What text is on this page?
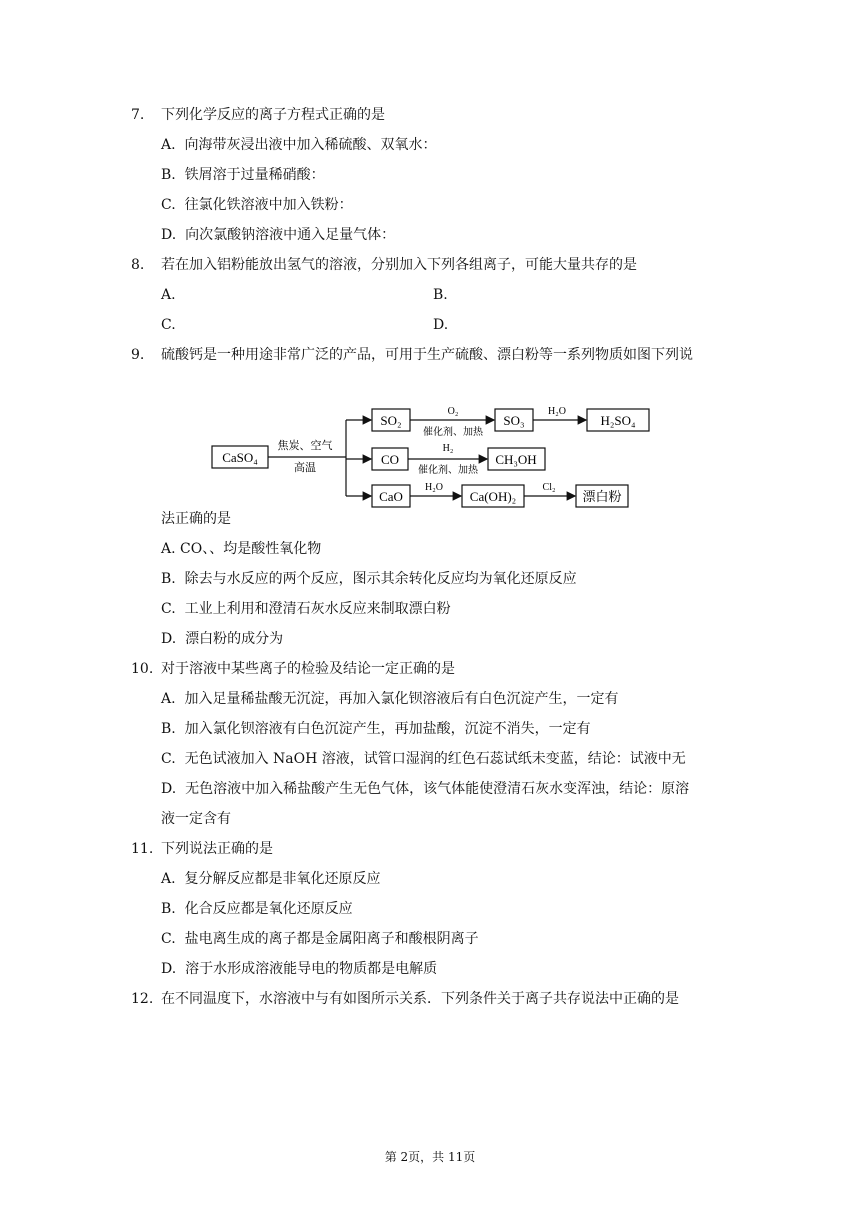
7. 下列化学反应的离子方程式正确的是
A. 向海带灰浸出液中加入稀硫酸、双氧水：
B. 铁屑溶于过量稀硝酸：
C. 往氯化铁溶液中加入铁粉：
D. 向次氯酸钠溶液中通入足量气体：
8. 若在加入铝粉能放出氢气的溶液，分别加入下列各组离子，可能大量共存的是
A.	B.
C.	D.
9. 硫酸钙是一种用途非常广泛的产品，可用于生产硫酸、漂白粉等一系列物质如图下列说
CaSO₄
SO₂	SO₃	H₂SO₄
CO	CH₃OH
CaO	Ca(OH)₂	漂白粉
焦炭、空气
高温
O₂
催化剂、加热
H₂O
H₂
催化剂、加热
H₂O	Cl₂
法正确的是
A. CO、、均是酸性氧化物
B. 除去与水反应的两个反应，图示其余转化反应均为氧化还原反应
C. 工业上利用和澄清石灰水反应来制取漂白粉
D. 漂白粉的成分为
10. 对于溶液中某些离子的检验及结论一定正确的是
A. 加入足量稀盐酸无沉淀，再加入氯化钡溶液后有白色沉淀产生，一定有
B. 加入氯化钡溶液有白色沉淀产生，再加盐酸，沉淀不消失，一定有
C. 无色试液加入 NaOH 溶液，试管口湿润的红色石蕊试纸未变蓝，结论：试液中无
D. 无色溶液中加入稀盐酸产生无色气体，该气体能使澄清石灰水变浑浊，结论：原溶
液一定含有
11. 下列说法正确的是
A. 复分解反应都是非氧化还原反应
B. 化合反应都是氧化还原反应
C. 盐电离生成的离子都是金属阳离子和酸根阴离子
D. 溶于水形成溶液能导电的物质都是电解质
12. 在不同温度下，水溶液中与有如图所示关系．下列条件关于离子共存说法中正确的是
第 2页，共 11页
